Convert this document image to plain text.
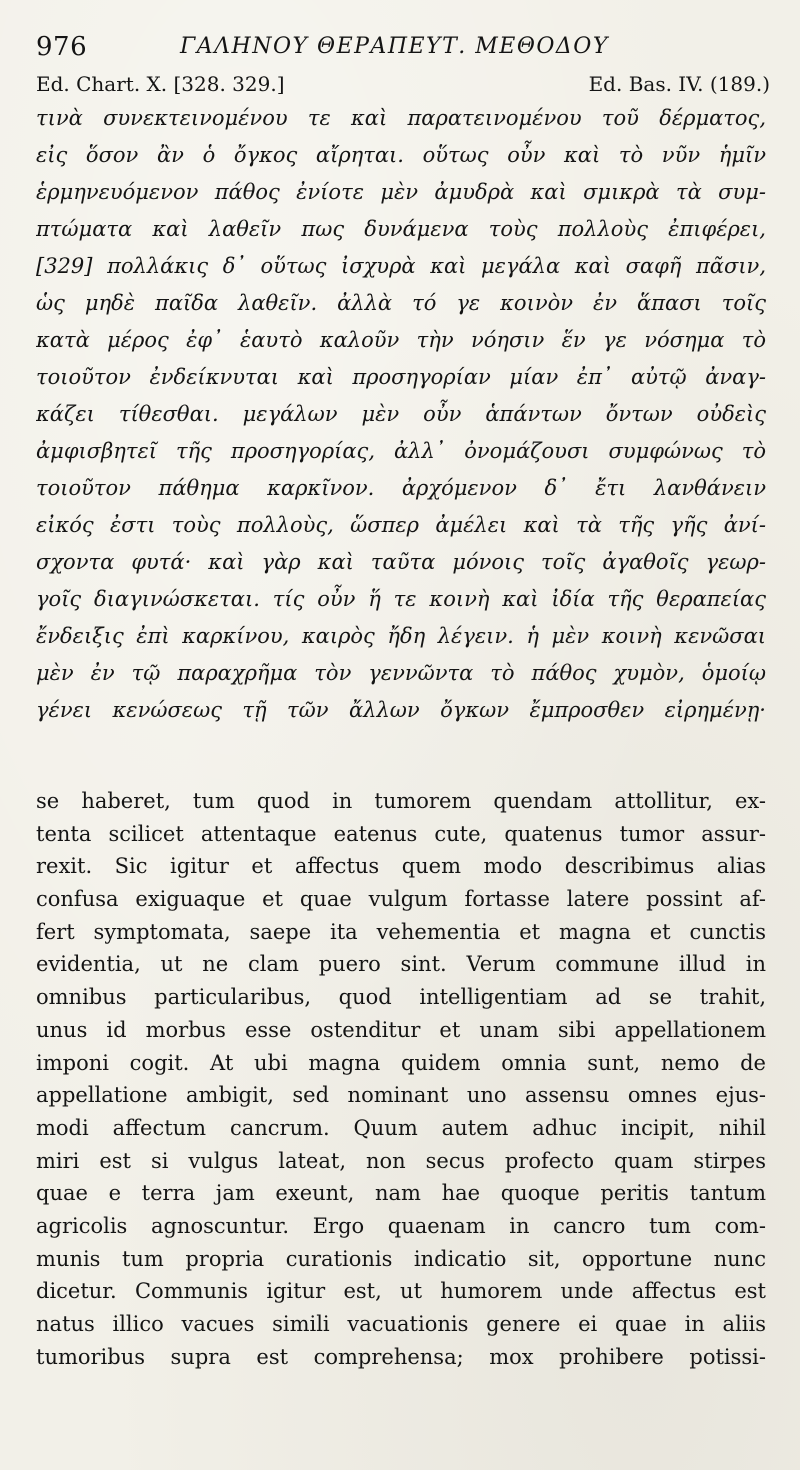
976	ΓΑΛΗΝΟΥ ΘΕΡΑΠΕΥΤ. ΜΕΘΟΔΟΥ
Ed. Chart. X. [328. 329.]	Ed. Bas. IV. (189.)
τινὰ συνεκτεινομένου τε καὶ παρατεινομένου τοῦ δέρματος,
εἰς ὅσον ἂν ὁ ὄγκος αἴρηται. οὕτως οὖν καὶ τὸ νῦν ἡμῖν
ἑρμηνευόμενον πάθος ἐνίοτε μὲν ἀμυδρὰ καὶ σμικρὰ τὰ συμ-
πτώματα καὶ λαθεῖν πως δυνάμενα τοὺς πολλοὺς ἐπιφέρει,
[329] πολλάκις δ᾽ οὕτως ἰσχυρὰ καὶ μεγάλα καὶ σαφῆ πᾶσιν,
ὡς μηδὲ παῖδα λαθεῖν. ἀλλὰ τό γε κοινὸν ἐν ἅπασι τοῖς
κατὰ μέρος ἐφ᾽ ἑαυτὸ καλοῦν τὴν νόησιν ἕν γε νόσημα τὸ
τοιοῦτον ἐνδείκνυται καὶ προσηγορίαν μίαν ἐπ᾽ αὐτῷ ἀναγ-
κάζει τίθεσθαι. μεγάλων μὲν οὖν ἁπάντων ὄντων οὐδεὶς
ἀμφισβητεῖ τῆς προσηγορίας, ἀλλ᾽ ὀνομάζουσι συμφώνως τὸ
τοιοῦτον πάθημα καρκῖνον. ἀρχόμενον δ᾽ ἔτι λανθάνειν
εἰκός ἐστι τοὺς πολλοὺς, ὥσπερ ἀμέλει καὶ τὰ τῆς γῆς ἀνί-
σχοντα φυτά· καὶ γὰρ καὶ ταῦτα μόνοις τοῖς ἀγαθοῖς γεωρ-
γοῖς διαγινώσκεται. τίς οὖν ἥ τε κοινὴ καὶ ἰδία τῆς θεραπείας
ἔνδειξις ἐπὶ καρκίνου, καιρὸς ἤδη λέγειν. ἡ μὲν κοινὴ κενῶσαι
μὲν ἐν τῷ παραχρῆμα τὸν γεννῶντα τὸ πάθος χυμὸν, ὁμοίῳ
γένει κενώσεως τῇ τῶν ἄλλων ὄγκων ἔμπροσθεν εἰρημένῃ·
se haberet, tum quod in tumorem quendam attollitur, ex-
tenta scilicet attentaque eatenus cute, quatenus tumor assur-
rexit. Sic igitur et affectus quem modo describimus alias
confusa exiguaque et quae vulgum fortasse latere possint af-
fert symptomata, saepe ita vehementia et magna et cunctis
evidentia, ut ne clam puero sint. Verum commune illud in
omnibus particularibus, quod intelligentiam ad se trahit,
unus id morbus esse ostenditur et unam sibi appellationem
imponi cogit. At ubi magna quidem omnia sunt, nemo de
appellatione ambigit, sed nominant uno assensu omnes ejus-
modi affectum cancrum. Quum autem adhuc incipit, nihil
miri est si vulgus lateat, non secus profecto quam stirpes
quae e terra jam exeunt, nam hae quoque peritis tantum
agricolis agnoscuntur. Ergo quaenam in cancro tum com-
munis tum propria curationis indicatio sit, opportune nunc
dicetur. Communis igitur est, ut humorem unde affectus est
natus illico vacues simili vacuationis genere ei quae in aliis
tumoribus supra est comprehensa; mox prohibere potissi-
